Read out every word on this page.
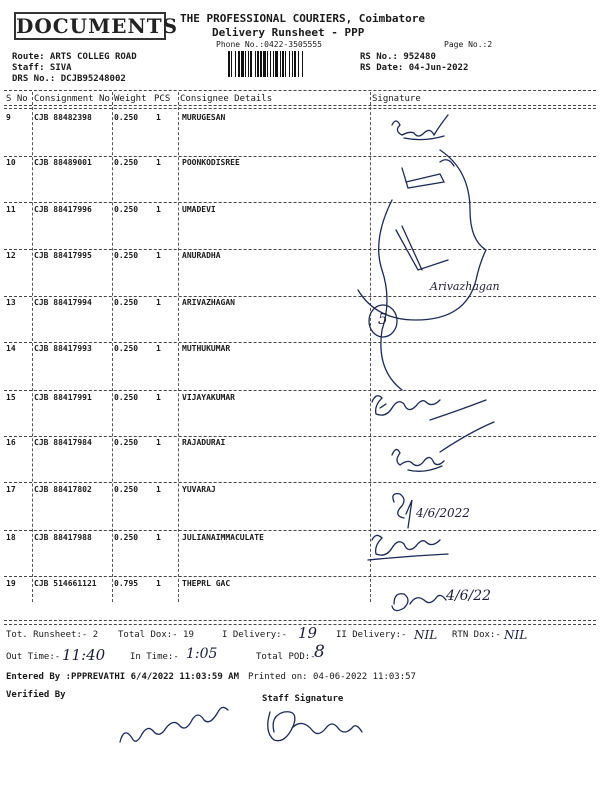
DOCUMENTS THE PROFESSIONAL COURIERS, Coimbatore
Delivery Runsheet - PPP
Phone No.:0422-3505555	Page No.:2
Route: ARTS COLLEG ROAD
Staff: SIVA
DRS No.: DCJB95248002
RS No.: 952480
RS Date: 04-Jun-2022
S No Consignment No Weight PCS Consignee Details	Signature
9	CJB 88482398	0.250 1	MURUGESAN
10 CJB 88489001	0.250 1	POONKODISREE
11 CJB 88417996	0.250 1	UMADEVI
12 CJB 88417995	0.250 1	ANURADHA
13 CJB 88417994	0.250 1	ARIVAZHAGAN
14 CJB 88417993	0.250 1	MUTHUKUMAR
15 CJB 88417991	0.250 1	VIJAYAKUMAR
16 CJB 88417984	0.250 1	RAJADURAI
17 CJB 88417802	0.250 1	YUVARAJ
18 CJB 88417988	0.250 1	JULIANAIMMACULATE
19 CJB 514661121 0.795 1	THEPRL GAC
Arivazhagan
5
4/6/2022
4/6/22
Tot. Runsheet:- 2 Total Dox:- 19	I Delivery:- 19 II Delivery:- NIL RTN Dox:- NIL
Out Time:- 11:40	In Time:- 1:05	Total POD:-
8
Entered By :PPPREVATHI 6/4/2022 11:03:59 AM Printed on: 04-06-2022 11:03:57
Verified By	Staff Signature
